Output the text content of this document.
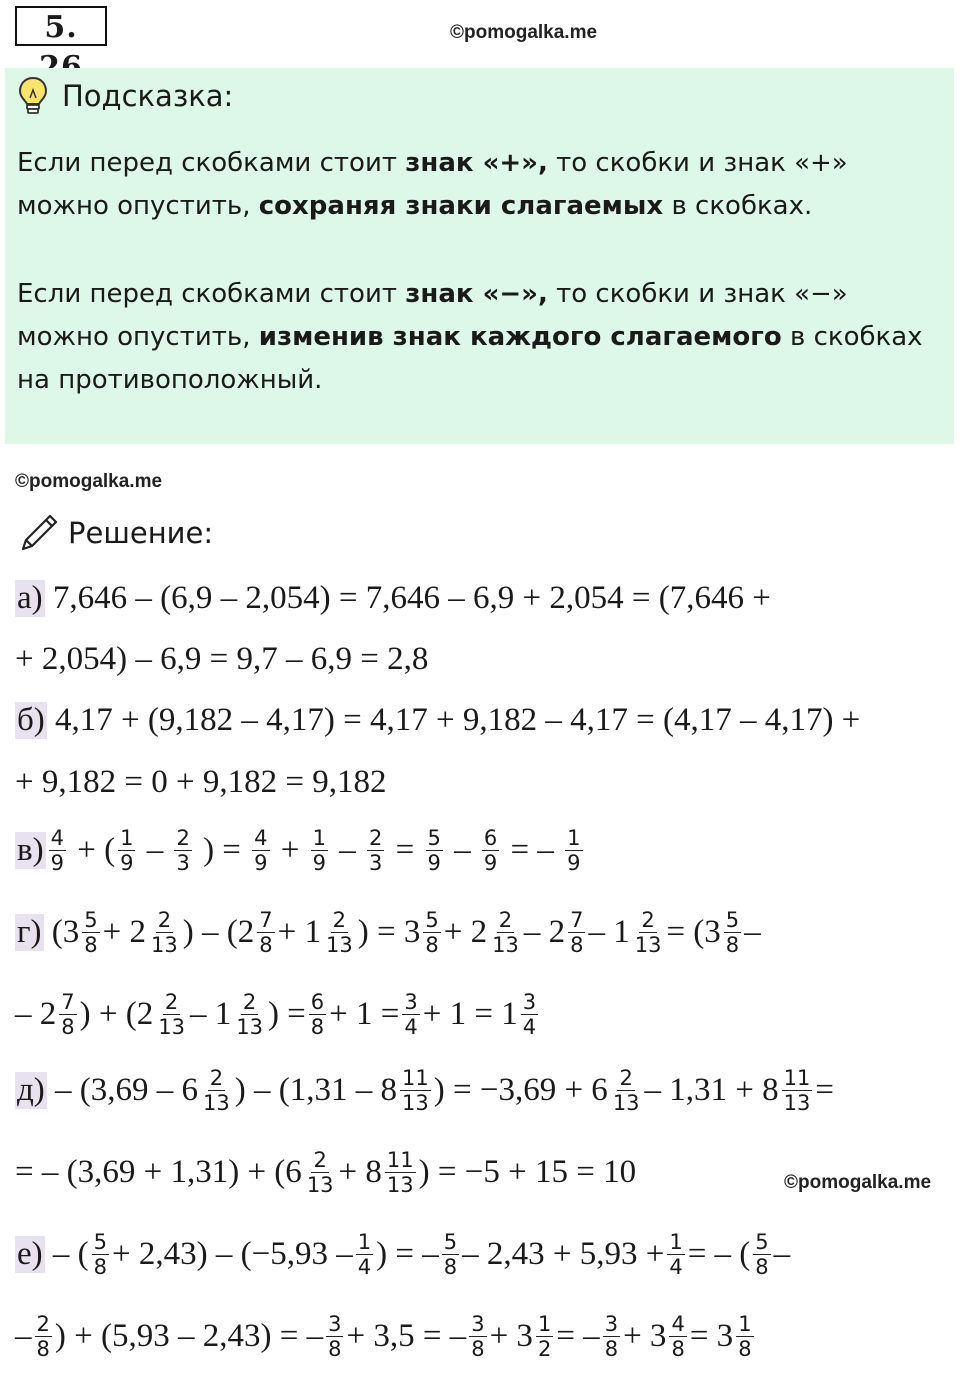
5.	©pomogalka.me
Подсказка:
Если перед скобками стоит знак «+», то скобки и знак «+»
можно опустить, сохраняя знаки слагаемых в скобках.
Если перед скобками стоит знак «−», то скобки и знак «−»
можно опустить, изменив знак каждого слагаемого в скобках
на противоположный.
©pomogalka.me
Решение:
а) 7,646 – (6,9 – 2,054) = 7,646 – 6,9 + 2,054 = (7,646 +
+ 2,054) – 6,9 = 9,7 – 6,9 = 2,8
б) 4,17 + (9,182 – 4,17) = 4,17 + 9,182 – 4,17 = (4,17 – 4,17) +
+ 9,182 = 0 + 9,182 = 9,182
$в) \frac{4}{9}$ + ( $\frac{1}{9} - \frac{2}{3}$ ) = $\frac{4}{9} + \frac{1}{9} - \frac{2}{3} = \frac{5}{9} - \frac{6}{9}$ = – $\frac{1}{9}$
г)
($3 \frac{5}{8} + 2 \frac{2}{13}$ ) – ($2 \frac{7}{8} + 1 \frac{2}{13}$ ) = $3 \frac{5}{8} + 2 \frac{2}{13} - 2 \frac{7}{8} - 1 \frac{2}{13} = (3 \frac{5}{8}$ –
– $2 \frac{7}{8}$ ) + ($2 \frac{2}{13} - 1 \frac{2}{13}$ ) = $\frac{6}{8} + 1 = \frac{3}{4} + 1 = 1 \frac{3}{4}$
д)
– ($3,69 - 6 \frac{2}{13}$ ) – ($1,31 - 8 \frac{11}{13}$ ) = $-3,69 + 6 \frac{2}{13} - 1,31 + 8 \frac{11}{13}$ =
= – $(3,69 + 1,31) + (6 \frac{2}{13} + 8 \frac{11}{13}$ ) = −5 + 15 = 10	©pomogalka.me
е)
– ( $\frac{5}{8} + 2,43) - (-5,93 - \frac{1}{4}$ ) = – $\frac{5}{8} - 2,43 + 5,93 + \frac{1}{4}$ = – ( $\frac{5}{8}$ –
– $\frac{2}{8}$ ) + (5,93 – 2,43) = – $\frac{3}{8} + 3,5$ = – $\frac{3}{8} + 3 \frac{1}{2}$ = – $\frac{3}{8} + 3 \frac{4}{8} = 3 \frac{1}{8}$
